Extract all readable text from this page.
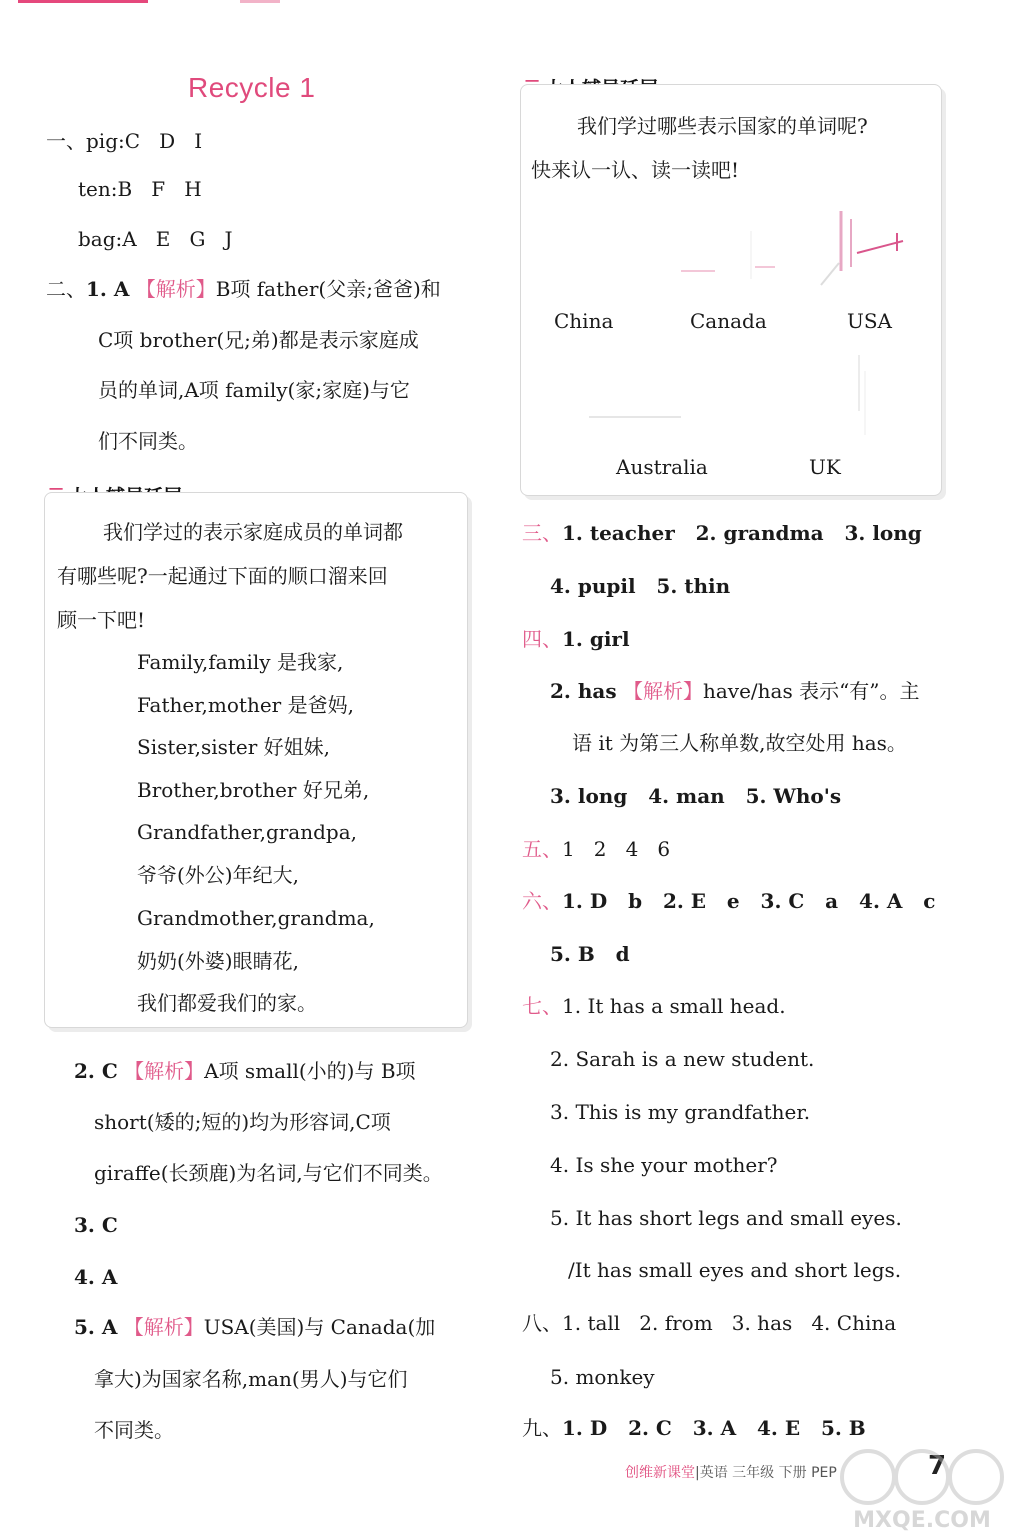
Recycle 1
一、pig:C   D   I
ten:B   F   H
bag:A   E   G   J
二、1. A 【解析】B项 father(父亲;爸爸)和
C项 brother(兄;弟)都是表示家庭成
员的单词,A项 family(家;家庭)与它
们不同类。
我们学过的表示家庭成员的单词都
有哪些呢?一起通过下面的顺口溜来回
顾一下吧!
Family,family 是我家,
Father,mother 是爸妈,
Sister,sister 好姐妹,
Brother,brother 好兄弟,
Grandfather,grandpa,
爷爷(外公)年纪大,
Grandmother,grandma,
奶奶(外婆)眼睛花,
我们都爱我们的家。
2. C 【解析】A项 small(小的)与 B项
short(矮的;短的)均为形容词,C项
giraffe(长颈鹿)为名词,与它们不同类。
3. C
4. A
5. A 【解析】USA(美国)与 Canada(加
拿大)为国家名称,man(男人)与它们
不同类。
我们学过哪些表示国家的单词呢?
快来认一认、读一读吧!
China	Canada	USA
Australia	UK
三、1. teacher   2. grandma   3. long
4. pupil   5. thin
四、1. girl
2. has 【解析】have/has 表示“有”。主
语 it 为第三人称单数,故空处用 has。
3. long   4. man   5. Who's
五、1   2   4   6
六、1. D   b   2. E   e   3. C   a   4. A   c
5. B   d
七、1. It has a small head.
2. Sarah is a new student.
3. This is my grandfather.
4. Is she your mother?
5. It has short legs and small eyes.
/It has small eyes and short legs.
八、1. tall   2. from   3. has   4. China
5. monkey
九、1. D   2. C   3. A   4. E   5. B
创维新课堂|英语 三年级 下册 PEP	7
MXQE.COM
